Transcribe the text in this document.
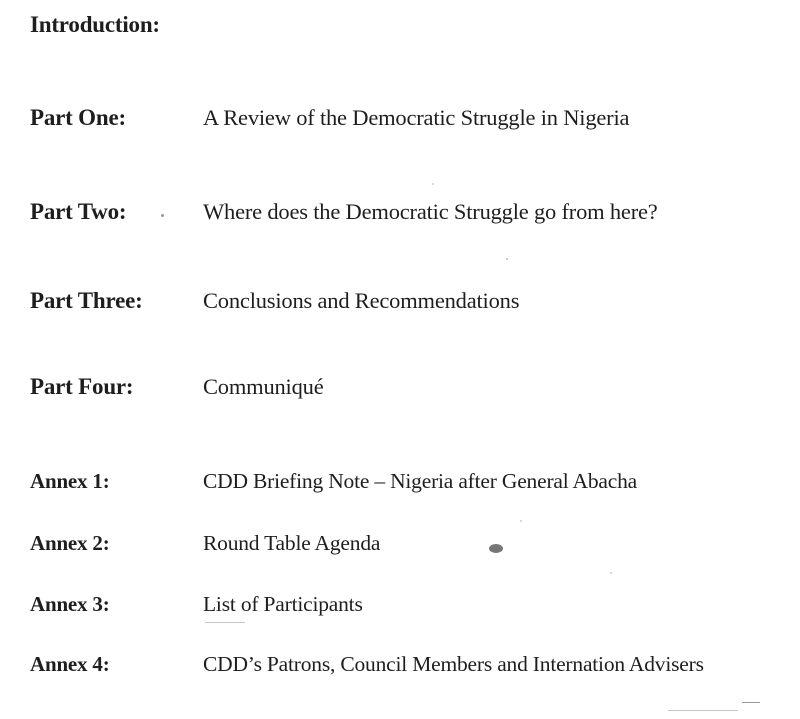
Introduction:
Part One:	A Review of the Democratic Struggle in Nigeria
Part Two:	Where does the Democratic Struggle go from here?
Part Three:	Conclusions and Recommendations
Part Four:	Communiqué
Annex 1:	CDD Briefing Note – Nigeria after General Abacha
Annex 2:	Round Table Agenda
Annex 3:	List of Participants
Annex 4:	CDD’s Patrons, Council Members and Internation Advisers
